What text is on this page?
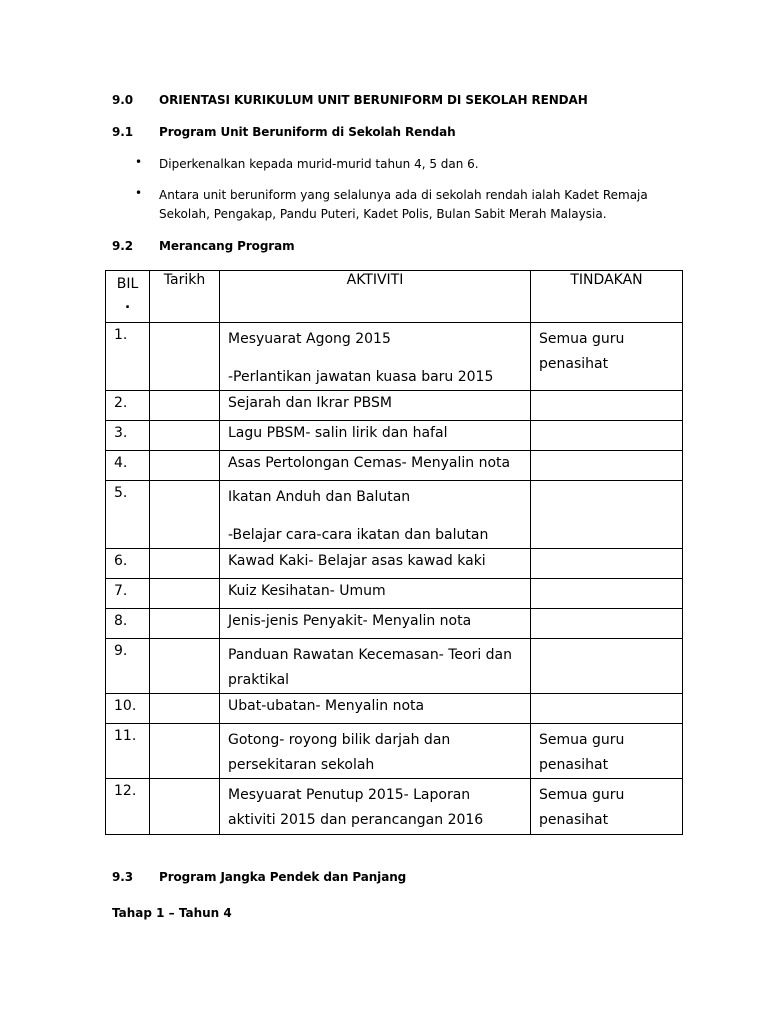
9.0 ORIENTASI KURIKULUM UNIT BERUNIFORM DI SEKOLAH RENDAH
9.1 Program Unit Beruniform di Sekolah Rendah
• Diperkenalkan kepada murid-murid tahun 4, 5 dan 6.
• Antara unit beruniform yang selalunya ada di sekolah rendah ialah Kadet Remaja Sekolah, Pengakap, Pandu Puteri, Kadet Polis, Bulan Sabit Merah Malaysia.
9.2 Merancang Program
BIL
.	Tarikh	AKTIVITI	TINDAKAN
1.		Mesyuarat Agong 2015
-Perlantikan jawatan kuasa baru 2015	Semua guru penasihat
2.		Sejarah dan Ikrar PBSM	
3.		Lagu PBSM- salin lirik dan hafal	
4.		Asas Pertolongan Cemas- Menyalin nota	
5.		Ikatan Anduh dan Balutan
-Belajar cara-cara ikatan dan balutan	

6.		Kawad Kaki- Belajar asas kawad kaki	
7.		Kuiz Kesihatan- Umum	
8.		Jenis-jenis Penyakit- Menyalin nota	
9.		Panduan Rawatan Kecemasan- Teori dan praktikal	
10.		Ubat-ubatan- Menyalin nota	
11.		Gotong- royong bilik darjah dan persekitaran sekolah	Semua guru penasihat
12.		Mesyuarat Penutup 2015- Laporan aktiviti 2015 dan perancangan 2016	Semua guru penasihat
9.3 Program Jangka Pendek dan Panjang
Tahap 1 – Tahun 4
